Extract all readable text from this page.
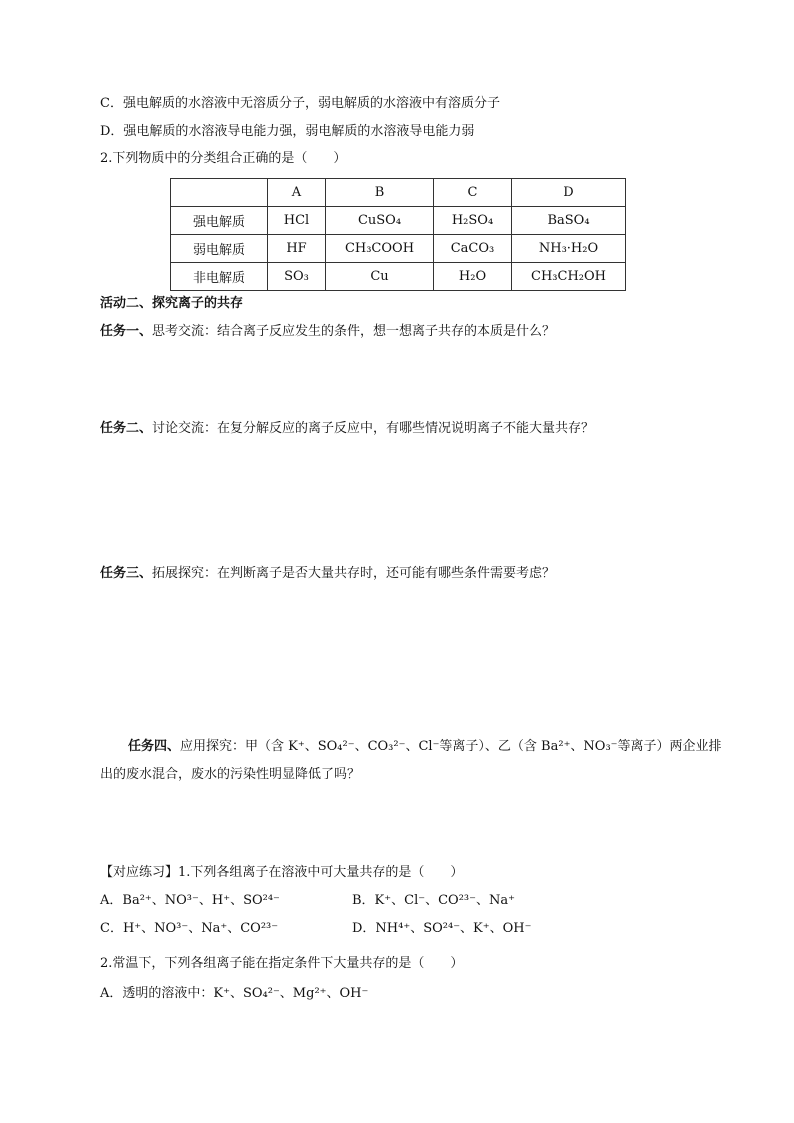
C．强电解质的水溶液中无溶质分子，弱电解质的水溶液中有溶质分子
D．强电解质的水溶液导电能力强，弱电解质的水溶液导电能力弱
2.下列物质中的分类组合正确的是（　　）
	A	B	C	D
强电解质	HCl	CuSO₄	H₂SO₄	BaSO₄
弱电解质	HF	CH₃COOH	CaCO₃	NH₃·H₂O
非电解质	SO₃	Cu	H₂O	CH₃CH₂OH
活动二、探究离子的共存
任务一、思考交流：结合离子反应发生的条件，想一想离子共存的本质是什么？
任务二、讨论交流：在复分解反应的离子反应中，有哪些情况说明离子不能大量共存？
任务三、拓展探究：在判断离子是否大量共存时，还可能有哪些条件需要考虑？
任务四、应用探究：甲（含 K⁺、SO₄²⁻、CO₃²⁻、Cl⁻等离子）、乙（含 Ba²⁺、NO₃⁻等离子）两企业排
出的废水混合，废水的污染性明显降低了吗？
【对应练习】1.下列各组离子在溶液中可大量共存的是（　　）
A．Ba²⁺、NO³⁻、H⁺、SO²⁴⁻	B．K⁺、Cl⁻、CO²³⁻、Na⁺
C．H⁺、NO³⁻、Na⁺、CO²³⁻	D．NH⁴⁺、SO²⁴⁻、K⁺、OH⁻
2.常温下，下列各组离子能在指定条件下大量共存的是（　　）
A．透明的溶液中：K⁺、SO₄²⁻、Mg²⁺、OH⁻
